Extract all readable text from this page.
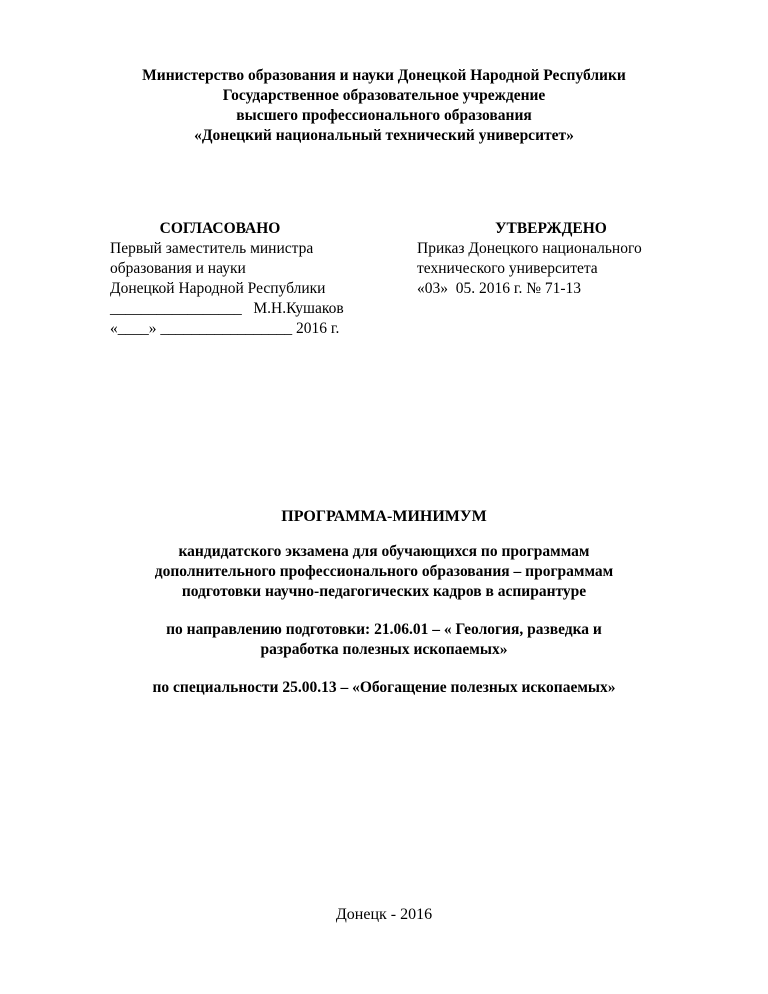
Министерство образования и науки Донецкой Народной Республики
Государственное образовательное учреждение
высшего профессионального образования
«Донецкий национальный технический университет»
СОГЛАСОВАНО
Первый заместитель министра
образования и науки
Донецкой Народной Республики
_________________   М.Н.Кушаков
«____» _________________ 2016 г.
УТВЕРЖДЕНО
Приказ Донецкого национального
технического университета
«03»  05. 2016 г. № 71-13
ПРОГРАММА-МИНИМУМ
кандидатского экзамена для обучающихся по программам
дополнительного профессионального образования – программам
подготовки научно-педагогических кадров в аспирантуре
по направлению подготовки: 21.06.01 – « Геология, разведка и
разработка полезных ископаемых»
по специальности 25.00.13 – «Обогащение полезных ископаемых»
Донецк - 2016
